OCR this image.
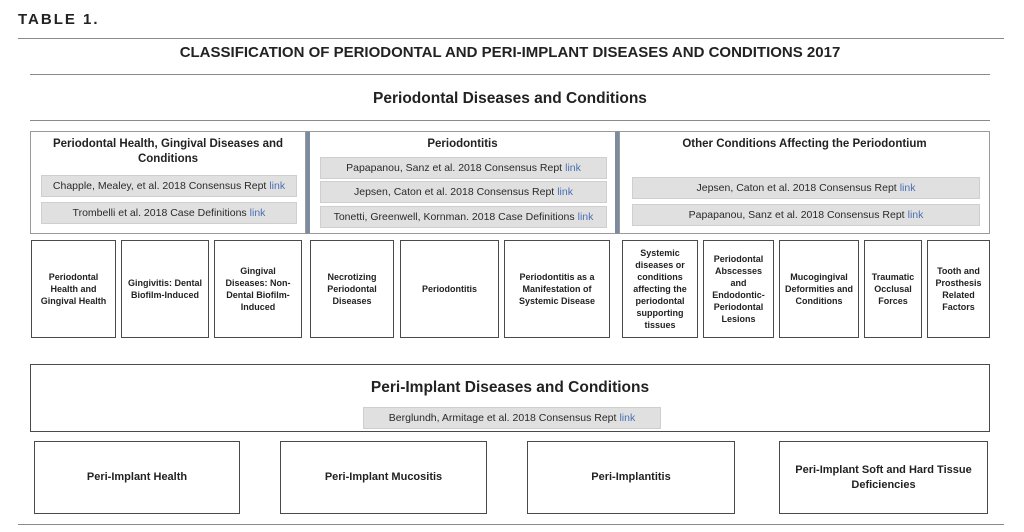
TABLE 1.
CLASSIFICATION OF PERIODONTAL AND PERI-IMPLANT DISEASES AND CONDITIONS 2017
Periodontal Diseases and Conditions
Periodontal Health, Gingival Diseases and Conditions
Chapple, Mealey, et al. 2018 Consensus Rept link
Trombelli et al. 2018 Case Definitions link
Periodontitis
Papapanou, Sanz et al. 2018 Consensus Rept link
Jepsen, Caton et al. 2018 Consensus Rept link
Tonetti, Greenwell, Kornman. 2018 Case Definitions link
Other Conditions Affecting the Periodontium
Jepsen, Caton et al. 2018 Consensus Rept link
Papapanou, Sanz et al. 2018 Consensus Rept link
Periodontal Health and Gingival Health
Gingivitis: Dental Biofilm-Induced
Gingival Diseases: Non-Dental Biofilm-Induced
Necrotizing Periodontal Diseases
Periodontitis
Periodontitis as a Manifestation of Systemic Disease
Systemic diseases or conditions affecting the periodontal supporting tissues
Periodontal Abscesses and Endodontic-Periodontal Lesions
Mucogingival Deformities and Conditions
Traumatic Occlusal Forces
Tooth and Prosthesis Related Factors
Peri-Implant Diseases and Conditions
Berglundh, Armitage et al. 2018 Consensus Rept link
Peri-Implant Health	Peri-Implant Mucositis	Peri-Implantitis
Peri-Implant Soft and Hard Tissue Deficiencies
